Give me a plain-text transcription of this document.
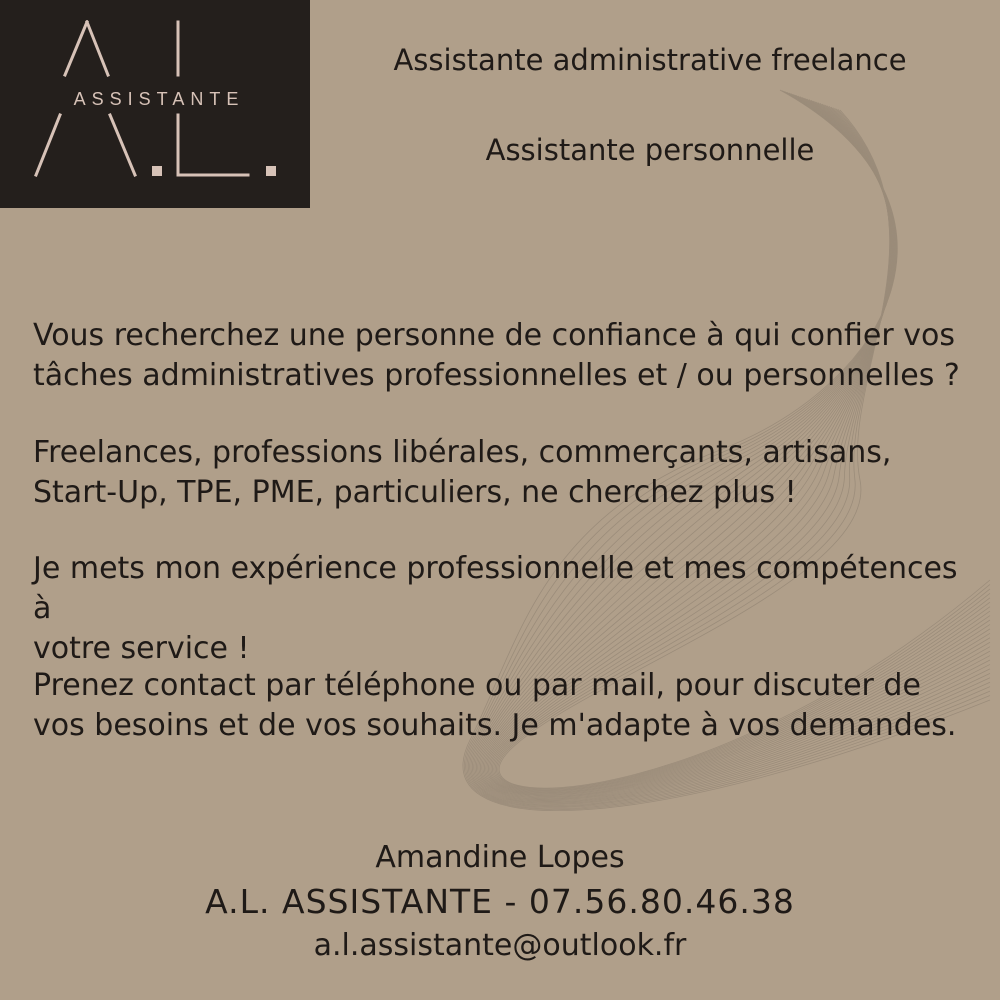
ASSISTANTE
Assistante administrative freelance
Assistante personnelle

Vous recherchez une personne de confiance à qui confier vos
tâches administratives professionnelles et / ou personnelles ?

Freelances, professions libérales, commerçants, artisans,
Start-Up, TPE, PME, particuliers, ne cherchez plus !

Je mets mon expérience professionnelle et mes compétences à
votre service !

Prenez contact par téléphone ou par mail, pour discuter de
vos besoins et de vos souhaits. Je m'adapte à vos demandes.

Amandine Lopes

A.L. ASSISTANTE - 07.56.80.46.38

a.l.assistante@outlook.fr
